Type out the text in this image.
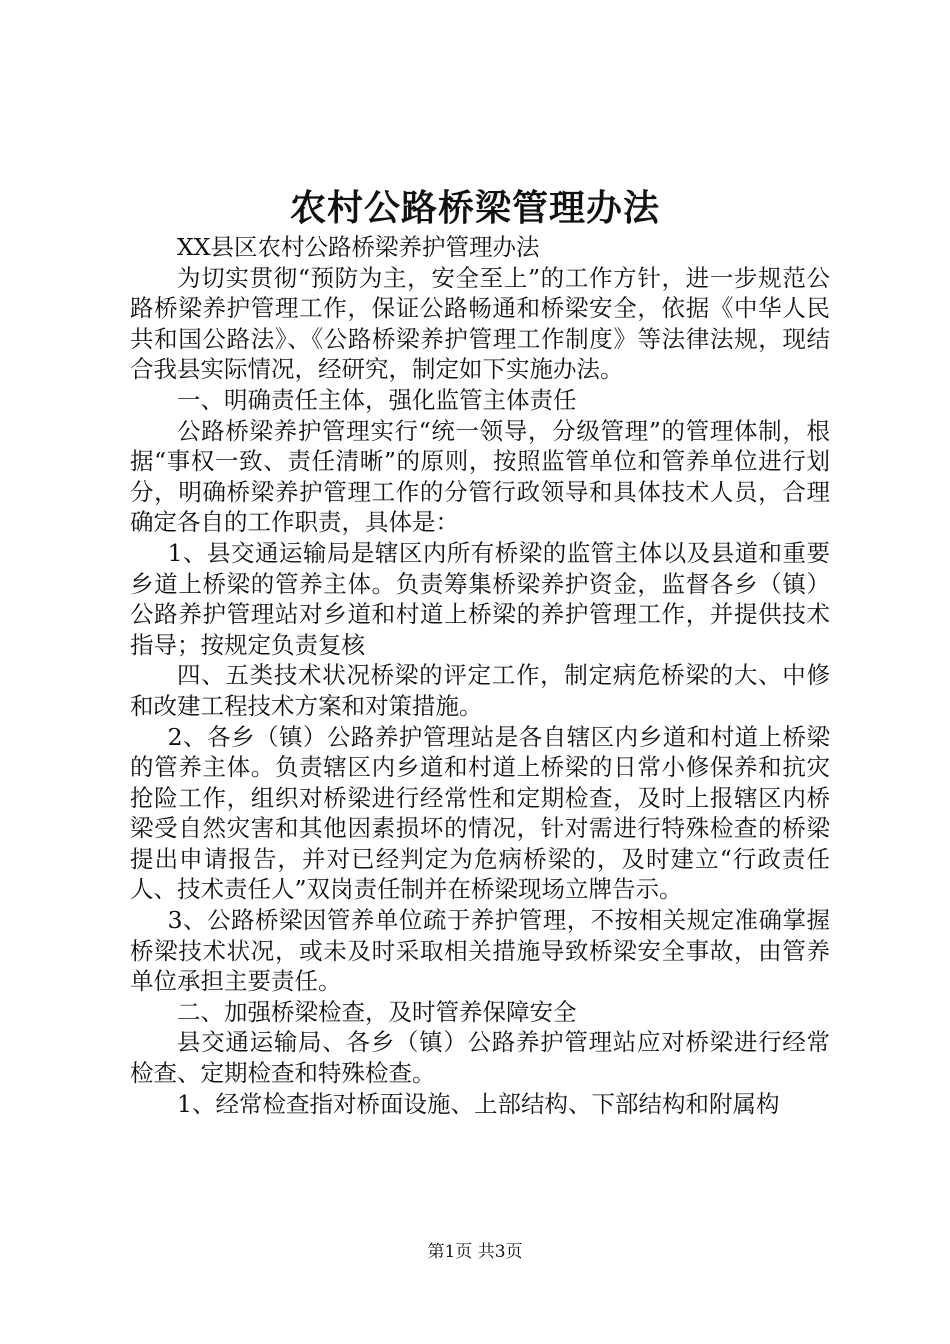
农村公路桥梁管理办法

XX县区农村公路桥梁养护管理办法

为切实贯彻“预防为主，安全至上”的工作方针，进一步规范公路桥梁养护管理工作，保证公路畅通和桥梁安全，依据《中华人民共和国公路法》、《公路桥梁养护管理工作制度》等法律法规，现结合我县实际情况，经研究，制定如下实施办法。

一、明确责任主体，强化监管主体责任

公路桥梁养护管理实行“统一领导，分级管理”的管理体制，根据“事权一致、责任清晰”的原则，按照监管单位和管养单位进行划分，明确桥梁养护管理工作的分管行政领导和具体技术人员，合理确定各自的工作职责，具体是：

1、县交通运输局是辖区内所有桥梁的监管主体以及县道和重要乡道上桥梁的管养主体。负责筹集桥梁养护资金，监督各乡（镇）公路养护管理站对乡道和村道上桥梁的养护管理工作，并提供技术指导；按规定负责复核

四、五类技术状况桥梁的评定工作，制定病危桥梁的大、中修和改建工程技术方案和对策措施。

2、各乡（镇）公路养护管理站是各自辖区内乡道和村道上桥梁的管养主体。负责辖区内乡道和村道上桥梁的日常小修保养和抗灾抢险工作，组织对桥梁进行经常性和定期检查，及时上报辖区内桥梁受自然灾害和其他因素损坏的情况，针对需进行特殊检查的桥梁提出申请报告，并对已经判定为危病桥梁的，及时建立“行政责任人、技术责任人”双岗责任制并在桥梁现场立牌告示。

3、公路桥梁因管养单位疏于养护管理，不按相关规定准确掌握桥梁技术状况，或未及时采取相关措施导致桥梁安全事故，由管养单位承担主要责任。

二、加强桥梁检查，及时管养保障安全

县交通运输局、各乡（镇）公路养护管理站应对桥梁进行经常检查、定期检查和特殊检查。

1、经常检查指对桥面设施、上部结构、下部结构和附属构

第1页 共3页
